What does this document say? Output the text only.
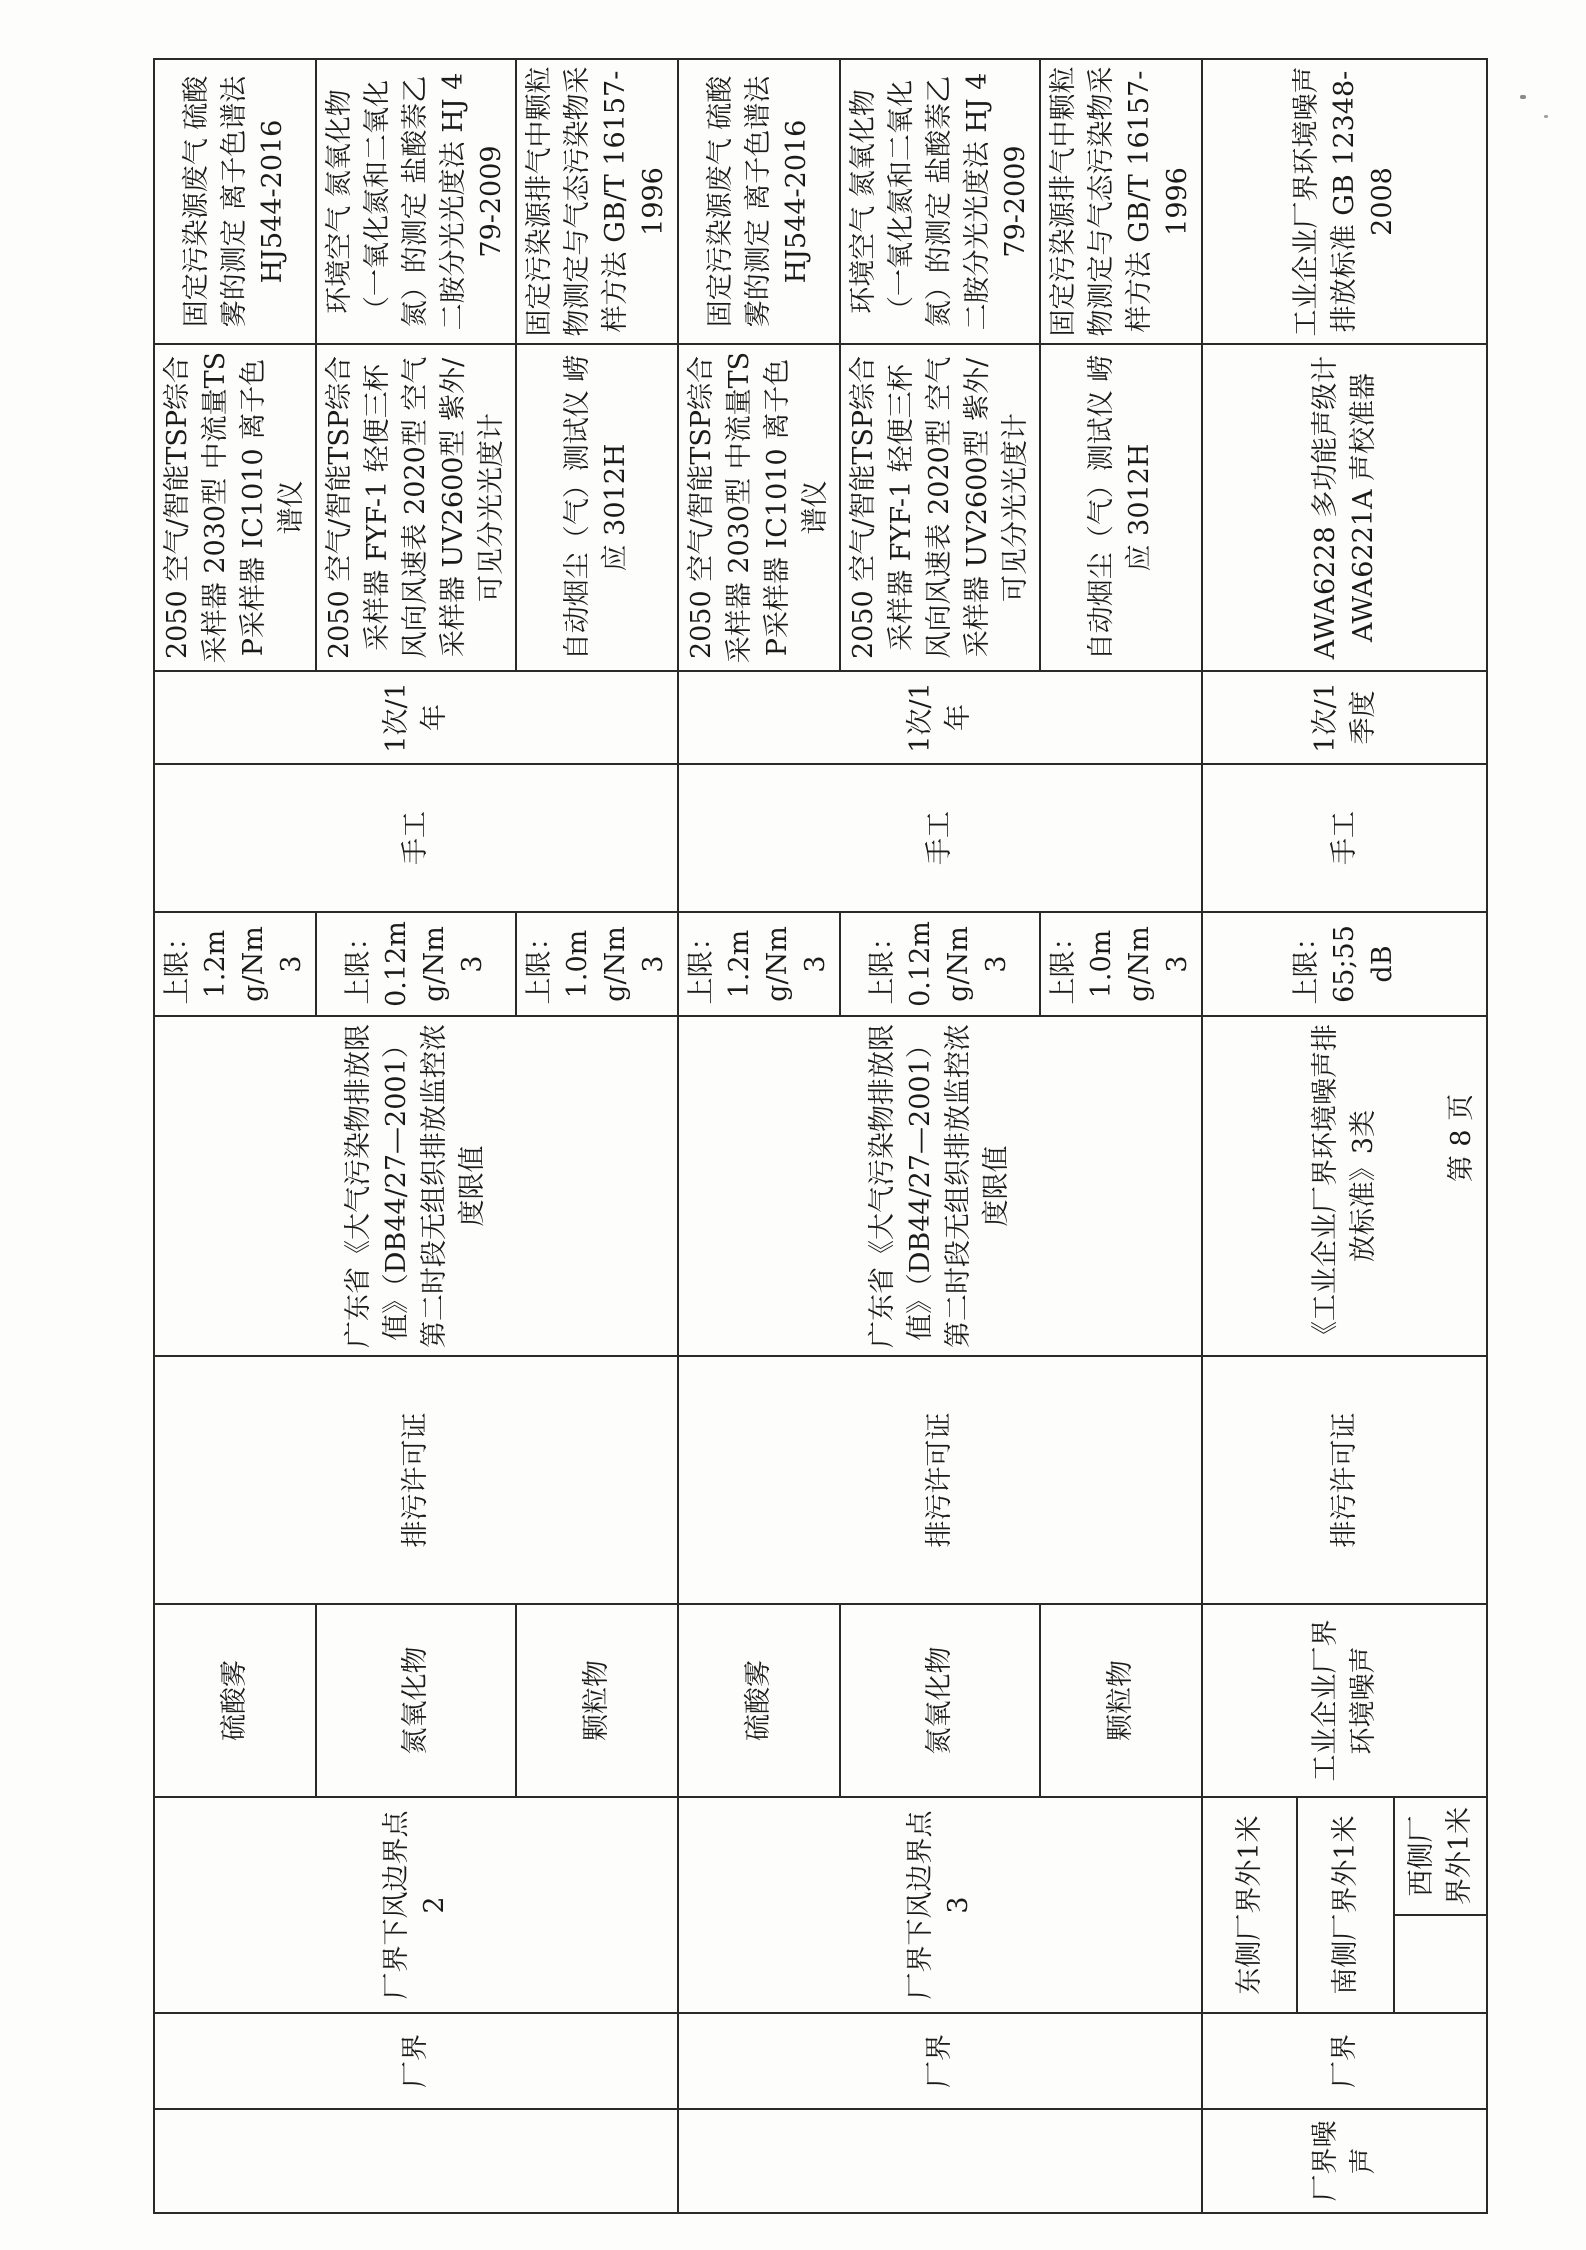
	厂界	厂界下风边界点2		硫酸雾	排污许可证	广东省《大气污染物排放限值》（DB44/27—2001）第二时段无组织排放监控浓度限值	上限：1.2mg/Nm3	手工	1次/1年	2050 空气/智能TSP综合采样器 2030型 中流量TSP采样器 IC1010 离子色谱仪	固定污染源废气 硫酸雾的测定 离子色谱法 HJ544-2016
				氮氧化物			上限：0.12mg/Nm3			2050 空气/智能TSP综合采样器 FYF-1 轻便三杯风向风速表 2020型 空气采样器 UV2600型 紫外/可见分光光度计	环境空气 氮氧化物（一氧化氮和二氧化氮）的测定 盐酸萘乙二胺分光光度法 HJ 479-2009
				颗粒物			上限：1.0mg/Nm3			自动烟尘（气）测试仪 崂应 3012H	固定污染源排气中颗粒物测定与气态污染物采样方法 GB/T 16157-1996
	厂界	厂界下风边界点3		硫酸雾	排污许可证	广东省《大气污染物排放限值》（DB44/27—2001）第二时段无组织排放监控浓度限值	上限：1.2mg/Nm3	手工	1次/1年	2050 空气/智能TSP综合采样器 2030型 中流量TSP采样器 IC1010 离子色谱仪	固定污染源废气 硫酸雾的测定 离子色谱法 HJ544-2016
				氮氧化物			上限：0.12mg/Nm3			2050 空气/智能TSP综合采样器 FYF-1 轻便三杯风向风速表 2020型 空气采样器 UV2600型 紫外/可见分光光度计	环境空气 氮氧化物（一氧化氮和二氧化氮）的测定 盐酸萘乙二胺分光光度法 HJ 479-2009
				颗粒物			上限：1.0mg/Nm3			自动烟尘（气）测试仪 崂应 3012H	固定污染源排气中颗粒物测定与气态污染物采样方法 GB/T 16157-1996
厂界噪声	厂界	东侧厂界外1米		工业企业厂界环境噪声	排污许可证	《工业企业厂界环境噪声排放标准》3类	上限：65;55dB	手工	1次/1季度	AWA6228 多功能声级计 AWA6221A 声校准器	工业企业厂界环境噪声排放标准 GB 12348-2008
		南侧厂界外1米									
			西侧厂界外1米								
第 8 页
